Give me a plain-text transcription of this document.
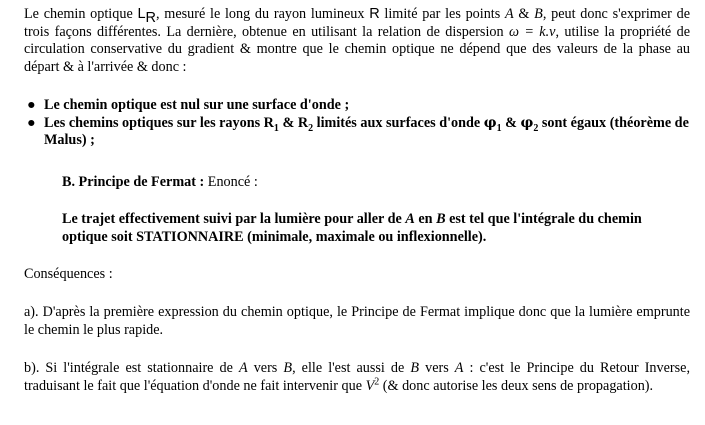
Le chemin optique $L_R$, mesuré le long du rayon lumineux R limité par les points A & B, peut donc s'exprimer de trois façons différentes. La dernière, obtenue en utilisant la relation de dispersion ω = k.v, utilise la propriété de circulation conservative du gradient & montre que le chemin optique ne dépend que des valeurs de la phase au départ & à l'arrivée & donc :

● Le chemin optique est nul sur une surface d'onde ;
● Les chemins optiques sur les rayons $R_1$ & $R_2$ limités aux surfaces d'onde $\varphi_1$ & $\varphi_2$ sont égaux (théorème de Malus) ;

B. Principe de Fermat : Enoncé :

Le trajet effectivement suivi par la lumière pour aller de A en B est tel que l'intégrale du chemin optique soit STATIONNAIRE (minimale, maximale ou inflexionnelle).

Conséquences :

a). D'après la première expression du chemin optique, le Principe de Fermat implique donc que la lumière emprunte le chemin le plus rapide.

b). Si l'intégrale est stationnaire de A vers B, elle l'est aussi de B vers A : c'est le Principe du Retour Inverse, traduisant le fait que l'équation d'onde ne fait intervenir que $V^2$ (& donc autorise les deux sens de propagation).
